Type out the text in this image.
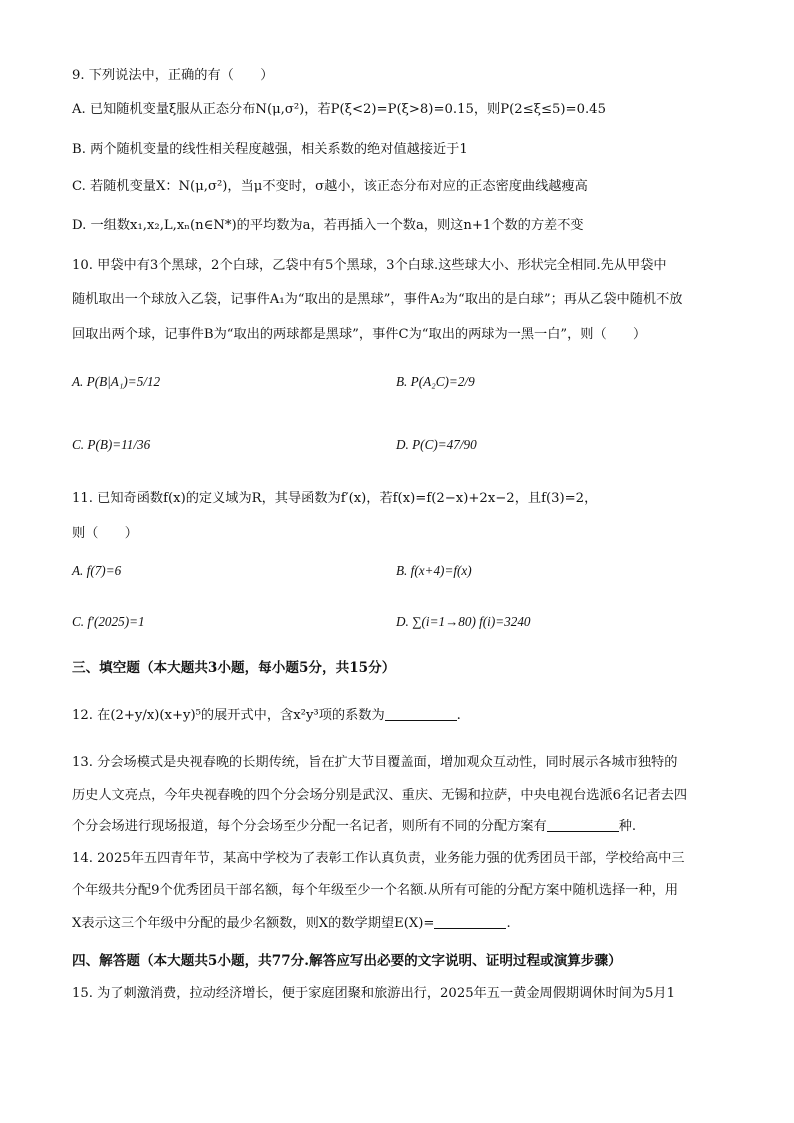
9. 下列说法中，正确的有（　　）
A. 已知随机变量ξ服从正态分布N(μ,σ²)，若P(ξ<2)=P(ξ>8)=0.15，则P(2≤ξ≤5)=0.45
B. 两个随机变量的线性相关程度越强，相关系数的绝对值越接近于1
C. 若随机变量X：N(μ,σ²)，当μ不变时，σ越小，该正态分布对应的正态密度曲线越瘦高
D. 一组数x₁,x₂,L,xₙ(n∈N*)的平均数为a，若再插入一个数a，则这n+1个数的方差不变
10. 甲袋中有3个黑球，2个白球，乙袋中有5个黑球，3个白球.这些球大小、形状完全相同.先从甲袋中
随机取出一个球放入乙袋，记事件A₁为“取出的是黑球”，事件A₂为“取出的是白球”；再从乙袋中随机不放
回取出两个球，记事件B为“取出的两球都是黑球”，事件C为“取出的两球为一黑一白”，则（　　）
A. P(B|A₁)=5/12	B. P(A₂C)=2/9
C. P(B)=11/36	D. P(C)=47/90
11. 已知奇函数f(x)的定义域为R，其导函数为f′(x)，若f(x)=f(2−x)+2x−2，且f(3)=2，
则（　　）
A. f(7)=6	B. f(x+4)=f(x)
C. f′(2025)=1	D. ∑(i=1→80) f(i)=3240
三、填空题（本大题共3小题，每小题5分，共15分）
12. 在(2+y/x)(x+y)⁵的展开式中，含x²y³项的系数为	.
13. 分会场模式是央视春晚的长期传统，旨在扩大节目覆盖面，增加观众互动性，同时展示各城市独特的
历史人文亮点，今年央视春晚的四个分会场分别是武汉、重庆、无锡和拉萨，中央电视台选派6名记者去四
个分会场进行现场报道，每个分会场至少分配一名记者，则所有不同的分配方案有	种.
14. 2025年五四青年节，某高中学校为了表彰工作认真负责，业务能力强的优秀团员干部，学校给高中三
个年级共分配9个优秀团员干部名额，每个年级至少一个名额.从所有可能的分配方案中随机选择一种，用
X表示这三个年级中分配的最少名额数，则X的数学期望E(X)=	.
四、解答题（本大题共5小题，共77分.解答应写出必要的文字说明、证明过程或演算步骤）
15. 为了刺激消费，拉动经济增长，便于家庭团聚和旅游出行，2025年五一黄金周假期调休时间为5月1
